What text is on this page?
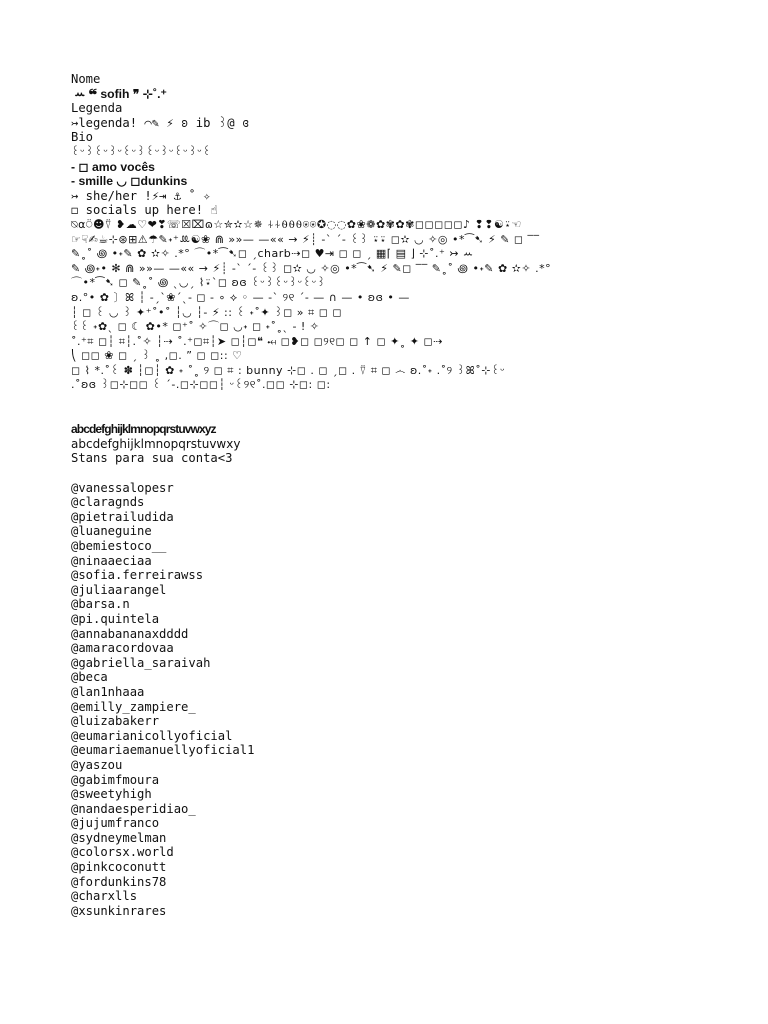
Nome
ꕀ ❝ sofih ❞ ⊹˚.⁺
Legenda
↣legenda! ⌒✎ ⚡ ʚ ib ꒱@ ɞ
Bio
꒰ᵕ꒱꒰ᵕ꒱ᵕ꒰ᵕ꒱꒰ᵕ꒱ᵕ꒰ᵕ꒱ᵕ꒰
- ◻ amo vocês
- smille ◡ ◻dunkins
↣ she/her !⚡⇥ ⚓ ˚ ✧
◻ socials up here! ☝
⍉⍺⍥☻⍢ ❥☁♡❤❣☏☒⌧ɷ☆✮✫☆✵ ⍭⍭⍬⍬⍬⍟⍟✪◌◌✿❀❁✿✾✿✾◻◻◻◻◻♪ ❢❢☯⍣☜
☞☟✍☕⊹⊛⊞⚠☂✎˖⁺ꔛ☯❀ ⋒ »»— —«« → ⚡┊ -ˋ ˊ- ꒰꒱ ⍣⍣ ◻✫ ◡ ✧◎ •*⁀➷ ⚡ ✎ ◻ ‾‾
✎˳˚ ꩜ •˖✎ ✿ ✫✧ .*° ⌒•*⁀➷◻ ˏcharb⇢◻ ♥⇥ ◻ ◻ ˏ ▦⌈ ▤ ⌋ ⊹˚.⁺ ↣ ꕀ
✎ ꩜˖• ✻ ⋒ »»— —«« → ⚡┊ -ˋ ˊ- ꒰꒱ ◻✫ ◡ ✧◎ •*⁀➷ ⚡ ✎◻ ‾‾ ✎˳˚ ꩜ •˖✎ ✿ ✫✧ .*°
⌒•*⁀➷ ◻ ✎˳˚ ꩜ ˎ◡ˏ ⌇⍣ˋ◻ ʚɞ ꒰ᵕ꒱꒰ᵕ꒱ᵕ꒰ᵕ꒱
ʚ.°• ✿ 〕ꕤ ┆ -ˏˋ❀ˊˎ- ◻ - ∘ ⟡ ◦ — -ˋ ୨୧ ˊ- — ∩ — • ʚɞ • —
┆ ◻ ꒰ ◡ ꒱ ✦⁺˚•˚ ┆◡ ┆- ⚡ :: ꒰ ˖˚✦ ꒱◻ » ⌗ ◻ ◻
꒰꒰ ˖✿ˎ ◻ ☾ ✿•* ◻⁺˚ ✧⌒◻ ◡˖ ◻ ˖˚˳ˎ - ! ✧
˚.⁺⌗ ◻┆ ⌗┆.˚✧ ┆⇢ ˚.⁺◻⌗┆➤ ◻┆◻❝ ⤟ ◻❥◻ ◻୨୧◻ ◻ ↑ ◻ ✦˳ ✦ ◻⇢
⎝ ◻◻ ❀ ◻ ˏ ꒱ ˳ ,◻. ” ◻ ◻:: ♡
◻ ⌇ *.˚꒰ ✽ ┆◻┆ ✿ ˖ ˚˳ ୨ ◻ ⌗ : bunny ⊹◻ . ◻ ˏ◻ . ⍢ ⌗ ◻ ෴ ʚ.˚˖ .˚୨ ꒱ꕤ˚⊹꒰ᵕ
.˚ʚɞ ꒱◻⊹◻◻ ꒰ ˊ-.◻⊹◻◻┆ ᵕ꒰୨୧˚.◻◻ ⊹◻: ◻:

abcdefghijklmnopqrstuvwxyz
abcdefghijklmnopqrstuvwxy
Stans para sua conta<3
@vanessalopesr
@claragnds
@pietrailudida
@luaneguine
@bemiestoco__
@ninaaeciaa
@sofia.ferreirawss
@juliaarangel
@barsa.n
@pi.quintela
@annabananaxdddd
@amaracordovaa
@gabriella_saraivah
@beca
@lan1nhaaa
@emilly_zampiere_
@luizabakerr
@eumarianicollyoficial
@eumariaemanuellyoficial1
@yaszou
@gabimfmoura
@sweetyhigh
@nandaesperidiao_
@jujumfranco
@sydneymelman
@colorsx.world
@pinkcoconutt
@fordunkins78
@charxlls
@xsunkinrares
